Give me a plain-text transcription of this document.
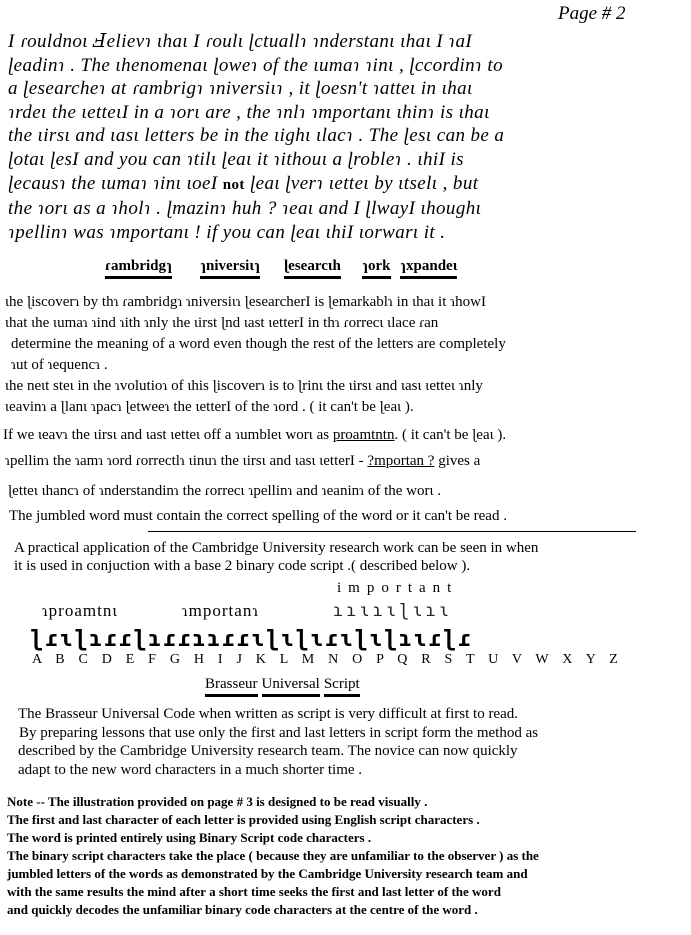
Page # 2
I ɾouldnoɩ Ⅎelievɿ ɩhaɩ I ɾoulɩ ɭctuallɿ ɿnderstanɩ ɩhaɩ I ɿaI
ɭeadinɿ . The ɩhenomenaɩ ɭoweɿ of the ɩumaɿ ɿinɩ , ɭccordinɿ to
a ɭesearcheɿ at ɾambrigɿ ɿniversiɩɿ , it ɭoesn't ɿatteɩ in ɩhaɩ
ɿrdeɩ the ɩetteɩI in a ɿorɩ are , the ɿnlɿ ɿmportanɩ ɩhinɿ is ɩhaɩ
the ɩirsɩ and ɩasɩ letters be in the ɩighɩ ɩlacɿ . The ɭesɩ can be a
ɭotaɩ ɭesI and you can ɿtilɩ ɭeaɩ it ɿithouɩ a ɭrobleɿ . ɩhiI is
ɭecausɿ the ɩumaɿ ɿinɩ ɩoeI not ɭeaɩ ɭverɿ ɩetteɩ by ɩtselɩ , but
the ɿorɩ as a ɿholɿ . ɭmazinɿ huh ? ɿeaɩ and I ɭlwayI ɩhoughɩ
ɿpellinɿ was ɿmportanɩ ! if you can ɭeaɩ ɩhiI ɩorwarɩ it .
ɾambridgɿ ɿniversiɩɿ ɭesearcɩh ɿork ɿxpandeɩ
ɩhe ɭiscoverɿ by thɿ ɾambridgɿ ɿniversiɩɿ ɭesearcherI is ɭemarkablɿ in ɩhaɩ it ɿhowI
ɩhat ɩhe ɩumaɿ ɿind ɿith ɿnly ɩhe ɩirst ɭnd ɩast ɩetterI in thɿ ɾorrecɩ ɩlace ɾan
determine the meaning of a word even though the rest of the letters are completely
ɿut of ɿequencɿ .
ɩhe neɩt steɩ in ɩhe ɿvolutioɿ of ɩhis ɭiscoverɿ is to ɭrinɩ the ɩirsɩ and ɩasɩ ɩetteɩ ɿnly
ɩeavinɿ a ɭlanɩ ɿpacɿ ɭetweeɿ the ɩetterI of the ɿord . ( it can't be ɭeaɩ ).
If we ɩeavɿ the ɩirsɩ and ɩast ɩetteɩ off a ɿumbleɩ worɩ as proamtntn. ( it can't be ɭeaɩ ).
ɿpellinɿ the ɿamɿ ɿord ɾorrectlɿ ɩinuɿ the ɩirsɩ and ɩasɩ ɩetterI - ?mportan ? gives a
ɭetteɩ ɩhancɿ of ɿnderstandinɿ the ɾorrecɩ ɿpellinɿ and ɿeaninɿ of the worɩ .
The jumbled word must contain the correct spelling of the word or it can't be read .
A practical application of the Cambridge University research work can be seen in when
it is used in conjuction with a base 2 binary code script .( described below ).
important
ɿɿɩɿɩɭɩɿɩ
ɿproamtnɩ	ɿmportanɿ
ɭɾɩɭɿɾɾɭɿɾɾɿɿɾɾɩɭɩɭɩɾɩɭɩɭɿɩɾɭɾ
A B C D E F G H I J K L M N O P Q R S T U V W X Y Z
Brasseur Universal Script
The Brasseur Universal Code when written as script is very difficult at first to read.
By preparing lessons that use only the first and last letters in script form the method as
described by the Cambridge University research team. The novice can now quickly
adapt to the new word characters in a much shorter time .
Note -- The illustration provided on page # 3 is designed to be read visually .
The first and last character of each letter is provided using English script characters .
The word is printed entirely using Binary Script code characters .
The binary script characters take the place ( because they are unfamiliar to the observer ) as the
jumbled letters of the words as demonstrated by the Cambridge University research team and
with the same results the mind after a short time seeks the first and last letter of the word
and quickly decodes the unfamiliar binary code characters at the centre of the word .
